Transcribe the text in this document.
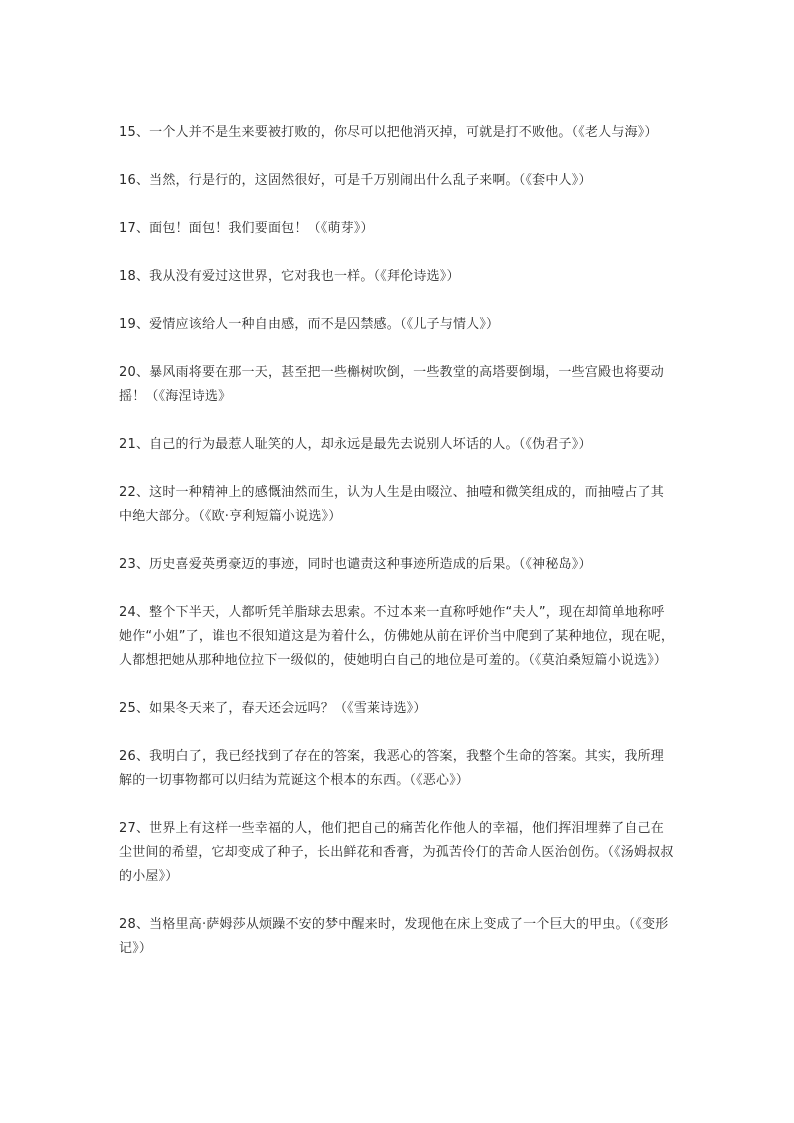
15、一个人并不是生来要被打败的，你尽可以把他消灭掉，可就是打不败他。（《老人与海》）
16、当然，行是行的，这固然很好，可是千万别闹出什么乱子来啊。（《套中人》）
17、面包！面包！我们要面包！（《萌芽》）
18、我从没有爱过这世界，它对我也一样。（《拜伦诗选》）
19、爱情应该给人一种自由感，而不是囚禁感。（《儿子与情人》）
20、暴风雨将要在那一天，甚至把一些槲树吹倒，一些教堂的高塔要倒塌，一些宫殿也将要动摇！（《海涅诗选》
21、自己的行为最惹人耻笑的人，却永远是最先去说别人坏话的人。（《伪君子》）
22、这时一种精神上的感慨油然而生，认为人生是由啜泣、抽噎和微笑组成的，而抽噎占了其中绝大部分。（《欧·亨利短篇小说选》）
23、历史喜爱英勇豪迈的事迹，同时也谴责这种事迹所造成的后果。（《神秘岛》）
24、整个下半天，人都听凭羊脂球去思索。不过本来一直称呼她作“夫人”，现在却简单地称呼她作“小姐”了，谁也不很知道这是为着什么，仿佛她从前在评价当中爬到了某种地位，现在呢，人都想把她从那种地位拉下一级似的，使她明白自己的地位是可羞的。（《莫泊桑短篇小说选》）
25、如果冬天来了，春天还会远吗？（《雪莱诗选》）
26、我明白了，我已经找到了存在的答案，我恶心的答案，我整个生命的答案。其实，我所理解的一切事物都可以归结为荒诞这个根本的东西。（《恶心》）
27、世界上有这样一些幸福的人，他们把自己的痛苦化作他人的幸福，他们挥泪埋葬了自己在尘世间的希望，它却变成了种子，长出鲜花和香膏，为孤苦伶仃的苦命人医治创伤。（《汤姆叔叔的小屋》）
28、当格里高·萨姆莎从烦躁不安的梦中醒来时，发现他在床上变成了一个巨大的甲虫。（《变形记》）
